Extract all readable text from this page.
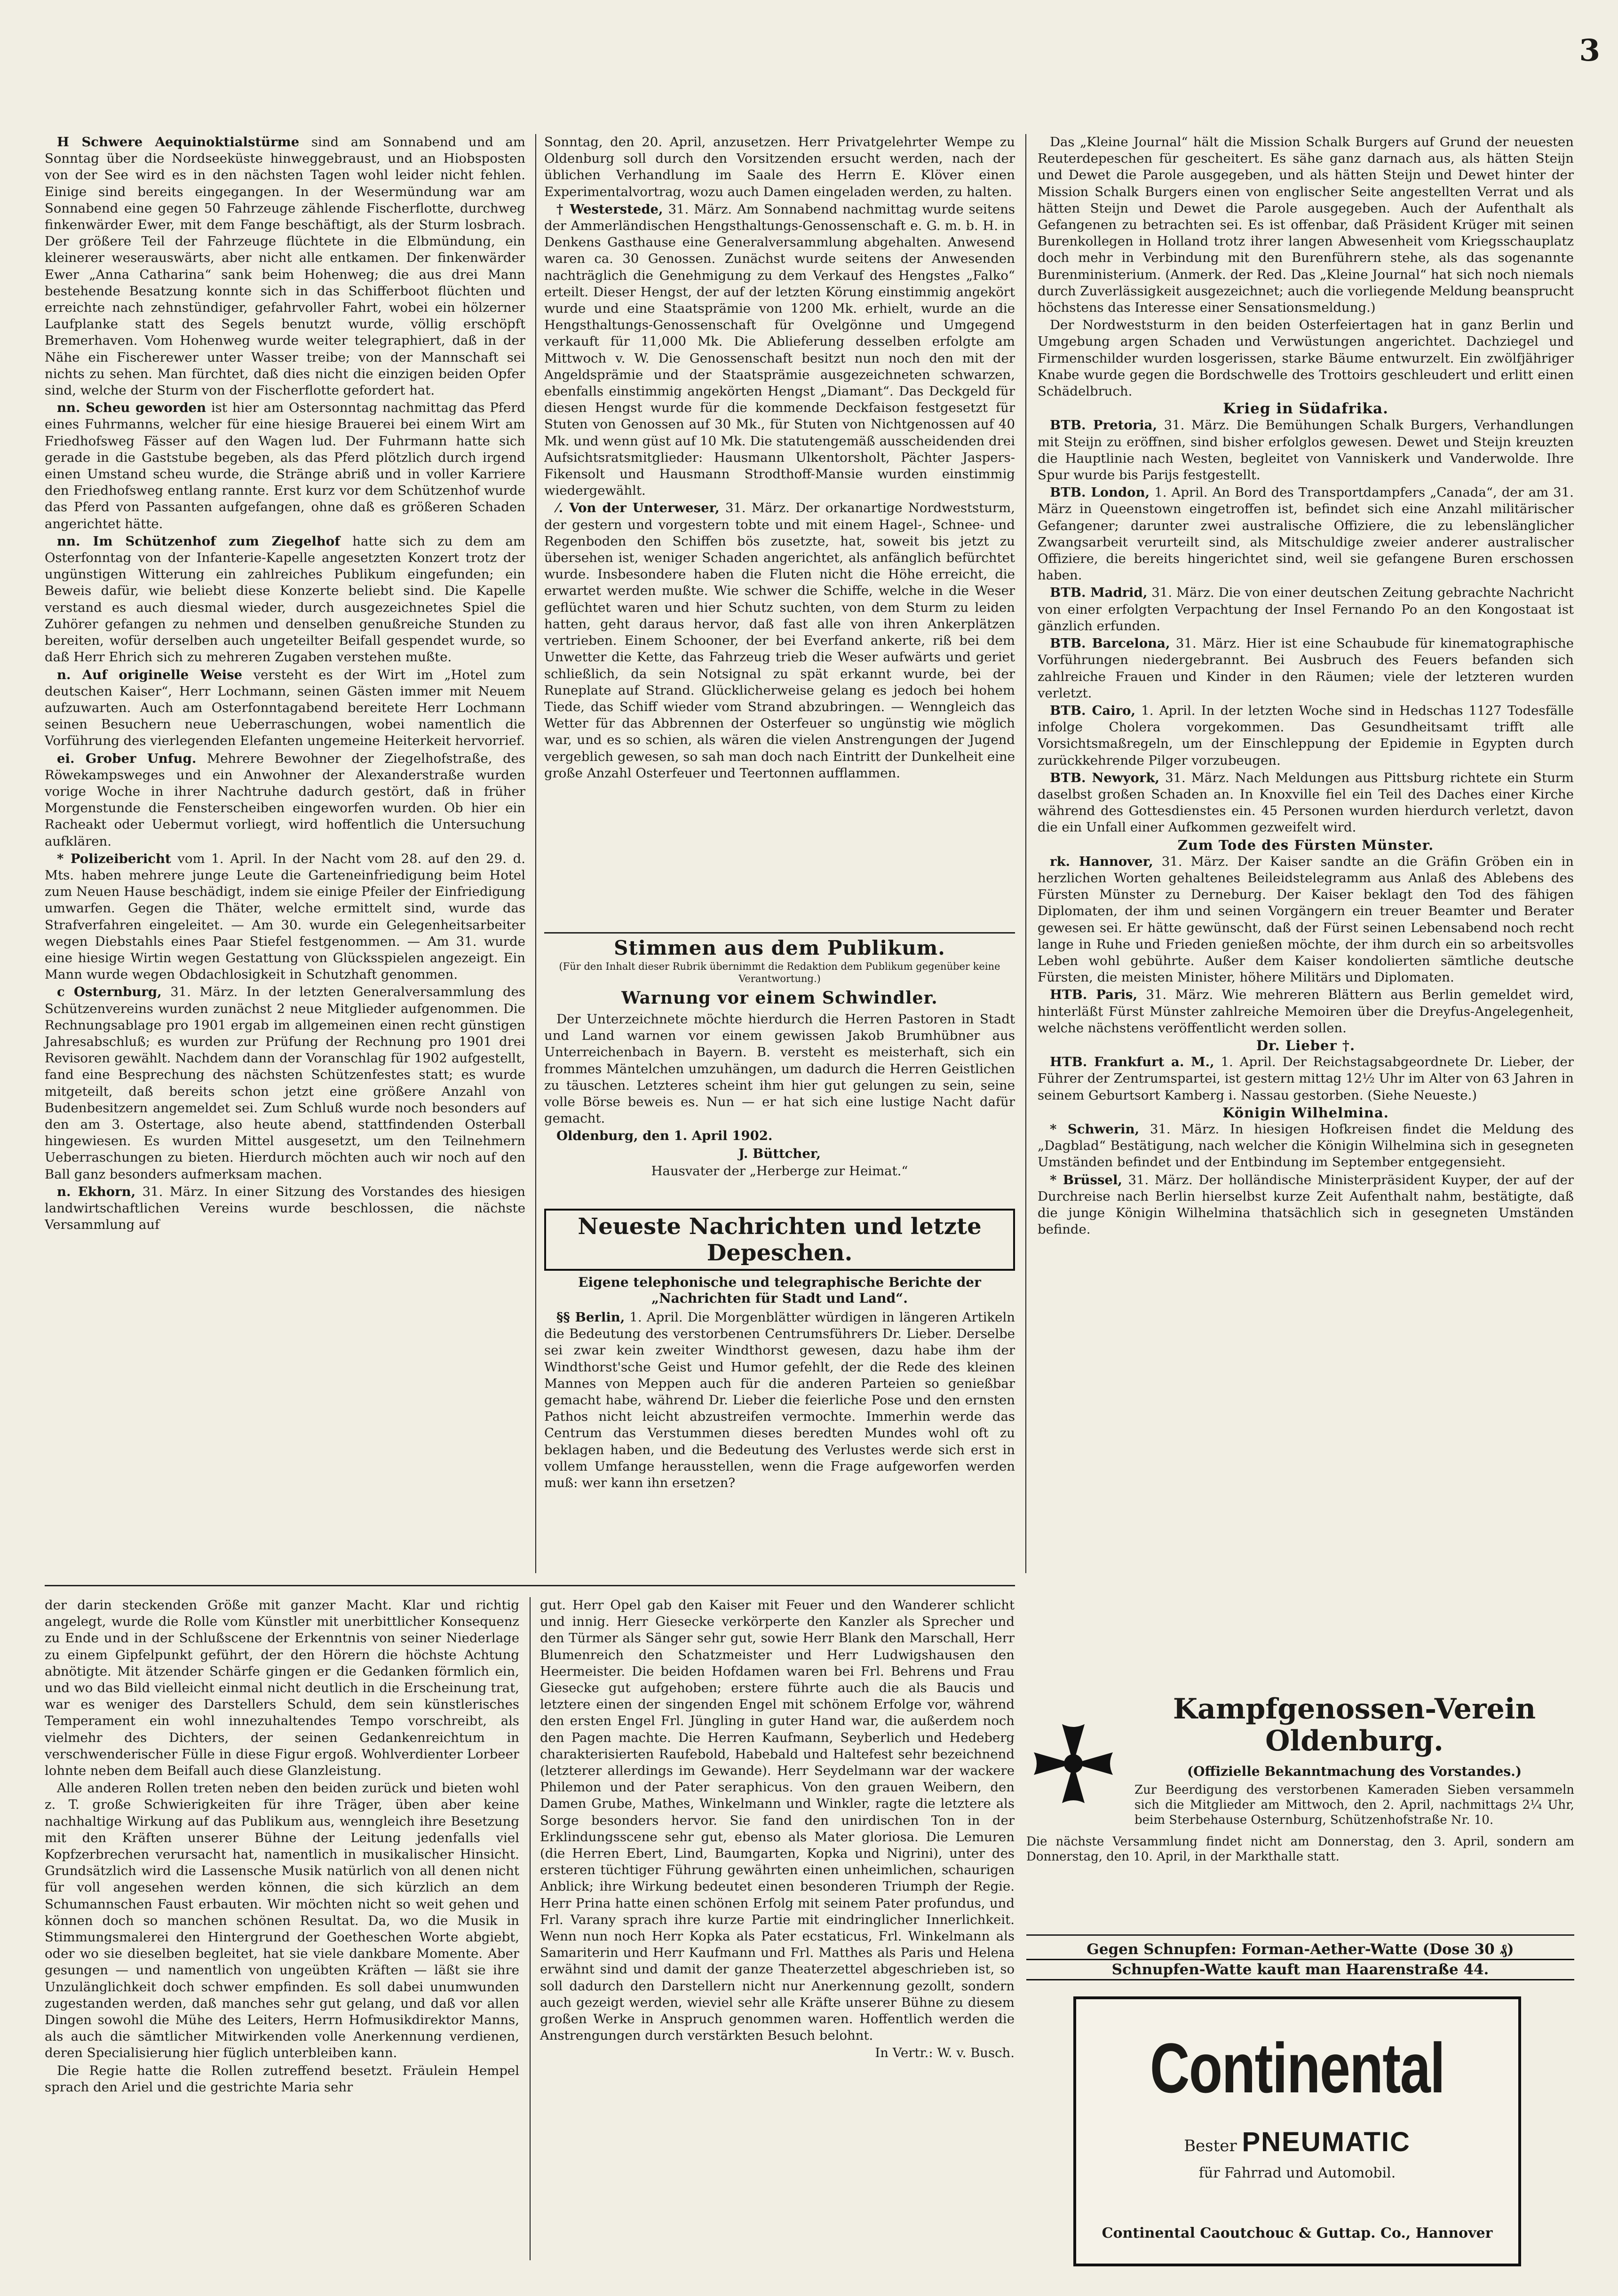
3

H Schwere Aequinoktialstürme sind am Sonnabend und am Sonntag über die Nordseeküste hinweggebraust, und an Hiobsposten von der See wird es in den nächsten Tagen wohl leider nicht fehlen. Einige sind bereits eingegangen. In der Wesermündung war am Sonnabend eine gegen 50 Fahrzeuge zählende Fischerflotte, durchweg finkenwärder Ewer, mit dem Fange beschäftigt, als der Sturm losbrach. Der größere Teil der Fahrzeuge flüchtete in die Elbmündung, ein kleinerer weserauswärts, aber nicht alle entkamen. Der finkenwärder Ewer „Anna Catharina“ sank beim Hohenweg; die aus drei Mann bestehende Besatzung konnte sich in das Schifferboot flüchten und erreichte nach zehnstündiger, gefahrvoller Fahrt, wobei ein hölzerner Laufplanke statt des Segels benutzt wurde, völlig erschöpft Bremerhaven. Vom Hohenweg wurde weiter telegraphiert, daß in der Nähe ein Fischerewer unter Wasser treibe; von der Mannschaft sei nichts zu sehen. Man fürchtet, daß dies nicht die einzigen beiden Opfer sind, welche der Sturm von der Fischerflotte gefordert hat.

nn. Scheu geworden ist hier am Ostersonntag nachmittag das Pferd eines Fuhrmanns, welcher für eine hiesige Brauerei bei einem Wirt am Friedhofsweg Fässer auf den Wagen lud. Der Fuhrmann hatte sich gerade in die Gaststube begeben, als das Pferd plötzlich durch irgend einen Umstand scheu wurde, die Stränge abriß und in voller Karriere den Friedhofsweg entlang rannte. Erst kurz vor dem Schützenhof wurde das Pferd von Passanten aufgefangen, ohne daß es größeren Schaden angerichtet hätte.

nn. Im Schützenhof zum Ziegelhof hatte sich zu dem am Osterfonntag von der Infanterie-Kapelle angesetzten Konzert trotz der ungünstigen Witterung ein zahlreiches Publikum eingefunden; ein Beweis dafür, wie beliebt diese Konzerte beliebt sind. Die Kapelle verstand es auch diesmal wieder, durch ausgezeichnetes Spiel die Zuhörer gefangen zu nehmen und denselben genußreiche Stunden zu bereiten, wofür derselben auch ungeteilter Beifall gespendet wurde, so daß Herr Ehrich sich zu mehreren Zugaben verstehen mußte.

n. Auf originelle Weise versteht es der Wirt im „Hotel zum deutschen Kaiser“, Herr Lochmann, seinen Gästen immer mit Neuem aufzuwarten. Auch am Osterfonntagabend bereitete Herr Lochmann seinen Besuchern neue Ueberraschungen, wobei namentlich die Vorführung des vierlegenden Elefanten ungemeine Heiterkeit hervorrief.

ei. Grober Unfug. Mehrere Bewohner der Ziegelhofstraße, des Röwekampsweges und ein Anwohner der Alexanderstraße wurden vorige Woche in ihrer Nachtruhe dadurch gestört, daß in früher Morgenstunde die Fensterscheiben eingeworfen wurden. Ob hier ein Racheakt oder Uebermut vorliegt, wird hoffentlich die Untersuchung aufklären.

* Polizeibericht vom 1. April. In der Nacht vom 28. auf den 29. d. Mts. haben mehrere junge Leute die Garteneinfriedigung beim Hotel zum Neuen Hause beschädigt, indem sie einige Pfeiler der Einfriedigung umwarfen. Gegen die Thäter, welche ermittelt sind, wurde das Strafverfahren eingeleitet. — Am 30. wurde ein Gelegenheitsarbeiter wegen Diebstahls eines Paar Stiefel festgenommen. — Am 31. wurde eine hiesige Wirtin wegen Gestattung von Glücksspielen angezeigt. Ein Mann wurde wegen Obdachlosigkeit in Schutzhaft genommen.

c Osternburg, 31. März. In der letzten Generalversammlung des Schützenvereins wurden zunächst 2 neue Mitglieder aufgenommen. Die Rechnungsablage pro 1901 ergab im allgemeinen einen recht günstigen Jahresabschluß; es wurden zur Prüfung der Rechnung pro 1901 drei Revisoren gewählt. Nachdem dann der Voranschlag für 1902 aufgestellt, fand eine Besprechung des nächsten Schützenfestes statt; es wurde mitgeteilt, daß bereits schon jetzt eine größere Anzahl von Budenbesitzern angemeldet sei. Zum Schluß wurde noch besonders auf den am 3. Ostertage, also heute abend, stattfindenden Osterball hingewiesen. Es wurden Mittel ausgesetzt, um den Teilnehmern Ueberraschungen zu bieten. Hierdurch möchten auch wir noch auf den Ball ganz besonders aufmerksam machen.

n. Ekhorn, 31. März. In einer Sitzung des Vorstandes des hiesigen landwirtschaftlichen Vereins wurde beschlossen, die nächste Versammlung auf

Sonntag, den 20. April, anzusetzen. Herr Privatgelehrter Wempe zu Oldenburg soll durch den Vorsitzenden ersucht werden, nach der üblichen Verhandlung im Saale des Herrn E. Klöver einen Experimentalvortrag, wozu auch Damen eingeladen werden, zu halten.

† Westerstede, 31. März. Am Sonnabend nachmittag wurde seitens der Ammerländischen Hengsthaltungs-Genossenschaft e. G. m. b. H. in Denkens Gasthause eine Generalversammlung abgehalten. Anwesend waren ca. 30 Genossen. Zunächst wurde seitens der Anwesenden nachträglich die Genehmigung zu dem Verkauf des Hengstes „Falko“ erteilt. Dieser Hengst, der auf der letzten Körung einstimmig angekört wurde und eine Staatsprämie von 1200 Mk. erhielt, wurde an die Hengsthaltungs-Genossenschaft für Ovelgönne und Umgegend verkauft für 11,000 Mk. Die Ablieferung desselben erfolgte am Mittwoch v. W. Die Genossenschaft besitzt nun noch den mit der Angeldsprämie und der Staatsprämie ausgezeichneten schwarzen, ebenfalls einstimmig angekörten Hengst „Diamant“. Das Deckgeld für diesen Hengst wurde für die kommende Deckfaison festgesetzt für Stuten von Genossen auf 30 Mk., für Stuten von Nichtgenossen auf 40 Mk. und wenn güst auf 10 Mk. Die statutengemäß ausscheidenden drei Aufsichtsratsmitglieder: Hausmann Ulkentorsholt, Pächter Jaspers-Fikensolt und Hausmann Strodthoff-Mansie wurden einstimmig wiedergewählt.

⁄. Von der Unterweser, 31. März. Der orkanartige Nordweststurm, der gestern und vorgestern tobte und mit einem Hagel-, Schnee- und Regenboden den Schiffen bös zusetzte, hat, soweit bis jetzt zu übersehen ist, weniger Schaden angerichtet, als anfänglich befürchtet wurde. Insbesondere haben die Fluten nicht die Höhe erreicht, die erwartet werden mußte. Wie schwer die Schiffe, welche in die Weser geflüchtet waren und hier Schutz suchten, von dem Sturm zu leiden hatten, geht daraus hervor, daß fast alle von ihren Ankerplätzen vertrieben. Einem Schooner, der bei Everfand ankerte, riß bei dem Unwetter die Kette, das Fahrzeug trieb die Weser aufwärts und geriet schließlich, da sein Notsignal zu spät erkannt wurde, bei der Runeplate auf Strand. Glücklicherweise gelang es jedoch bei hohem Tiede, das Schiff wieder vom Strand abzubringen. — Wenngleich das Wetter für das Abbrennen der Osterfeuer so ungünstig wie möglich war, und es so schien, als wären die vielen Anstrengungen der Jugend vergeblich gewesen, so sah man doch nach Eintritt der Dunkelheit eine große Anzahl Osterfeuer und Teertonnen aufflammen.

Stimmen aus dem Publikum.
(Für den Inhalt dieser Rubrik übernimmt die Redaktion dem Publikum gegenüber keine Verantwortung.)
Warnung vor einem Schwindler.

Der Unterzeichnete möchte hierdurch die Herren Pastoren in Stadt und Land warnen vor einem gewissen Jakob Brumhübner aus Unterreichenbach in Bayern. B. versteht es meisterhaft, sich ein frommes Mäntelchen umzuhängen, um dadurch die Herren Geistlichen zu täuschen. Letzteres scheint ihm hier gut gelungen zu sein, seine volle Börse beweis es. Nun — er hat sich eine lustige Nacht dafür gemacht.

Oldenburg, den 1. April 1902.

J. Büttcher,

Hausvater der „Herberge zur Heimat.“

Neueste Nachrichten und letzte Depeschen.
Eigene telephonische und telegraphische Berichte der „Nachrichten für Stadt und Land“.

§§ Berlin, 1. April. Die Morgenblätter würdigen in längeren Artikeln die Bedeutung des verstorbenen Centrumsführers Dr. Lieber. Derselbe sei zwar kein zweiter Windthorst gewesen, dazu habe ihm der Windthorst'sche Geist und Humor gefehlt, der die Rede des kleinen Mannes von Meppen auch für die anderen Parteien so genießbar gemacht habe, während Dr. Lieber die feierliche Pose und den ernsten Pathos nicht leicht abzustreifen vermochte. Immerhin werde das Centrum das Verstummen dieses beredten Mundes wohl oft zu beklagen haben, und die Bedeutung des Verlustes werde sich erst in vollem Umfange herausstellen, wenn die Frage aufgeworfen werden muß: wer kann ihn ersetzen?

Das „Kleine Journal“ hält die Mission Schalk Burgers auf Grund der neuesten Reuterdepeschen für gescheitert. Es sähe ganz darnach aus, als hätten Steijn und Dewet die Parole ausgegeben, und als hätten Steijn und Dewet hinter der Mission Schalk Burgers einen von englischer Seite angestellten Verrat und als hätten Steijn und Dewet die Parole ausgegeben. Auch der Aufenthalt als Gefangenen zu betrachten sei. Es ist offenbar, daß Präsident Krüger mit seinen Burenkollegen in Holland trotz ihrer langen Abwesenheit vom Kriegsschauplatz doch mehr in Verbindung mit den Burenführern stehe, als das sogenannte Burenministerium. (Anmerk. der Red. Das „Kleine Journal“ hat sich noch niemals durch Zuverlässigkeit ausgezeichnet; auch die vorliegende Meldung beansprucht höchstens das Interesse einer Sensationsmeldung.)

Der Nordweststurm in den beiden Osterfeiertagen hat in ganz Berlin und Umgebung argen Schaden und Verwüstungen angerichtet. Dachziegel und Firmenschilder wurden losgerissen, starke Bäume entwurzelt. Ein zwölfjähriger Knabe wurde gegen die Bordschwelle des Trottoirs geschleudert und erlitt einen Schädelbruch.

Krieg in Südafrika.

BTB. Pretoria, 31. März. Die Bemühungen Schalk Burgers, Verhandlungen mit Steijn zu eröffnen, sind bisher erfolglos gewesen. Dewet und Steijn kreuzten die Hauptlinie nach Westen, begleitet von Vanniskerk und Vanderwolde. Ihre Spur wurde bis Parijs festgestellt.

BTB. London, 1. April. An Bord des Transportdampfers „Canada“, der am 31. März in Queenstown eingetroffen ist, befindet sich eine Anzahl militärischer Gefangener; darunter zwei australische Offiziere, die zu lebenslänglicher Zwangsarbeit verurteilt sind, als Mitschuldige zweier anderer australischer Offiziere, die bereits hingerichtet sind, weil sie gefangene Buren erschossen haben.

BTB. Madrid, 31. März. Die von einer deutschen Zeitung gebrachte Nachricht von einer erfolgten Verpachtung der Insel Fernando Po an den Kongostaat ist gänzlich erfunden.

BTB. Barcelona, 31. März. Hier ist eine Schaubude für kinematographische Vorführungen niedergebrannt. Bei Ausbruch des Feuers befanden sich zahlreiche Frauen und Kinder in den Räumen; viele der letzteren wurden verletzt.

BTB. Cairo, 1. April. In der letzten Woche sind in Hedschas 1127 Todesfälle infolge Cholera vorgekommen. Das Gesundheitsamt trifft alle Vorsichtsmaßregeln, um der Einschleppung der Epidemie in Egypten durch zurückkehrende Pilger vorzubeugen.

BTB. Newyork, 31. März. Nach Meldungen aus Pittsburg richtete ein Sturm daselbst großen Schaden an. In Knoxville fiel ein Teil des Daches einer Kirche während des Gottesdienstes ein. 45 Personen wurden hierdurch verletzt, davon die ein Unfall einer Aufkommen gezweifelt wird.

Zum Tode des Fürsten Münster.

rk. Hannover, 31. März. Der Kaiser sandte an die Gräfin Gröben ein in herzlichen Worten gehaltenes Beileidstelegramm aus Anlaß des Ablebens des Fürsten Münster zu Derneburg. Der Kaiser beklagt den Tod des fähigen Diplomaten, der ihm und seinen Vorgängern ein treuer Beamter und Berater gewesen sei. Er hätte gewünscht, daß der Fürst seinen Lebensabend noch recht lange in Ruhe und Frieden genießen möchte, der ihm durch ein so arbeitsvolles Leben wohl gebührte. Außer dem Kaiser kondolierten sämtliche deutsche Fürsten, die meisten Minister, höhere Militärs und Diplomaten.

HTB. Paris, 31. März. Wie mehreren Blättern aus Berlin gemeldet wird, hinterläßt Fürst Münster zahlreiche Memoiren über die Dreyfus-Angelegenheit, welche nächstens veröffentlicht werden sollen.

Dr. Lieber †.

HTB. Frankfurt a. M., 1. April. Der Reichstagsabgeordnete Dr. Lieber, der Führer der Zentrumspartei, ist gestern mittag 12½ Uhr im Alter von 63 Jahren in seinem Geburtsort Kamberg i. Nassau gestorben. (Siehe Neueste.)

Königin Wilhelmina.

* Schwerin, 31. März. In hiesigen Hofkreisen findet die Meldung des „Dagblad“ Bestätigung, nach welcher die Königin Wilhelmina sich in gesegneten Umständen befindet und der Entbindung im September entgegensieht.

* Brüssel, 31. März. Der holländische Ministerpräsident Kuyper, der auf der Durchreise nach Berlin hierselbst kurze Zeit Aufenthalt nahm, bestätigte, daß die junge Königin Wilhelmina thatsächlich sich in gesegneten Umständen befinde.

der darin steckenden Größe mit ganzer Macht. Klar und richtig angelegt, wurde die Rolle vom Künstler mit unerbittlicher Konsequenz zu Ende und in der Schlußscene der Erkenntnis von seiner Niederlage zu einem Gipfelpunkt geführt, der den Hörern die höchste Achtung abnötigte. Mit ätzender Schärfe gingen er die Gedanken förmlich ein, und wo das Bild vielleicht einmal nicht deutlich in die Erscheinung trat, war es weniger des Darstellers Schuld, dem sein künstlerisches Temperament ein wohl innezuhaltendes Tempo vorschreibt, als vielmehr des Dichters, der seinen Gedankenreichtum in verschwenderischer Fülle in diese Figur ergoß. Wohlverdienter Lorbeer lohnte neben dem Beifall auch diese Glanzleistung.

Alle anderen Rollen treten neben den beiden zurück und bieten wohl z. T. große Schwierigkeiten für ihre Träger, üben aber keine nachhaltige Wirkung auf das Publikum aus, wenngleich ihre Besetzung mit den Kräften unserer Bühne der Leitung jedenfalls viel Kopfzerbrechen verursacht hat, namentlich in musikalischer Hinsicht. Grundsätzlich wird die Lassensche Musik natürlich von all denen nicht für voll angesehen werden können, die sich kürzlich an dem Schumannschen Faust erbauten. Wir möchten nicht so weit gehen und können doch so manchen schönen Resultat. Da, wo die Musik in Stimmungsmalerei den Hintergrund der Goetheschen Worte abgiebt, oder wo sie dieselben begleitet, hat sie viele dankbare Momente. Aber gesungen — und namentlich von ungeübten Kräften — läßt sie ihre Unzulänglichkeit doch schwer empfinden. Es soll dabei unumwunden zugestanden werden, daß manches sehr gut gelang, und daß vor allen Dingen sowohl die Mühe des Leiters, Herrn Hofmusikdirektor Manns, als auch die sämtlicher Mitwirkenden volle Anerkennung verdienen, deren Specialisierung hier füglich unterbleiben kann.

Die Regie hatte die Rollen zutreffend besetzt. Fräulein Hempel sprach den Ariel und die gestrichte Maria sehr

gut. Herr Opel gab den Kaiser mit Feuer und den Wanderer schlicht und innig. Herr Giesecke verkörperte den Kanzler als Sprecher und den Türmer als Sänger sehr gut, sowie Herr Blank den Marschall, Herr Blumenreich den Schatzmeister und Herr Ludwigshausen den Heermeister. Die beiden Hofdamen waren bei Frl. Behrens und Frau Giesecke gut aufgehoben; erstere führte auch die als Baucis und letztere einen der singenden Engel mit schönem Erfolge vor, während den ersten Engel Frl. Jüngling in guter Hand war, die außerdem noch den Pagen machte. Die Herren Kaufmann, Seyberlich und Hedeberg charakterisierten Raufebold, Habebald und Haltefest sehr bezeichnend (letzterer allerdings im Gewande). Herr Seydelmann war der wackere Philemon und der Pater seraphicus. Von den grauen Weibern, den Damen Grube, Mathes, Winkelmann und Winkler, ragte die letztere als Sorge besonders hervor. Sie fand den unirdischen Ton in der Erklindungsscene sehr gut, ebenso als Mater gloriosa. Die Lemuren (die Herren Ebert, Lind, Baumgarten, Kopka und Nigrini), unter des ersteren tüchtiger Führung gewährten einen unheimlichen, schaurigen Anblick; ihre Wirkung bedeutet einen besonderen Triumph der Regie. Herr Prina hatte einen schönen Erfolg mit seinem Pater profundus, und Frl. Varany sprach ihre kurze Partie mit eindringlicher Innerlichkeit. Wenn nun noch Herr Kopka als Pater ecstaticus, Frl. Winkelmann als Samariterin und Herr Kaufmann und Frl. Matthes als Paris und Helena erwähnt sind und damit der ganze Theaterzettel abgeschrieben ist, so soll dadurch den Darstellern nicht nur Anerkennung gezollt, sondern auch gezeigt werden, wieviel sehr alle Kräfte unserer Bühne zu diesem großen Werke in Anspruch genommen waren. Hoffentlich werden die Anstrengungen durch verstärkten Besuch belohnt.

In Vertr.: W. v. Busch.

Kampfgenossen-Verein
Oldenburg.
(Offizielle Bekanntmachung des Vorstandes.)
Zur Beerdigung des verstorbenen Kameraden Sieben versammeln sich die Mitglieder am Mittwoch, den 2. April, nachmittags 2¼ Uhr, beim Sterbehause Osternburg, Schützenhofstraße Nr. 10.
Die nächste Versammlung findet nicht am Donnerstag, den 3. April, sondern am Donnerstag, den 10. April, in der Markthalle statt.
Gegen Schnupfen: Forman-Aether-Watte (Dose 30 ₰)
Schnupfen-Watte kauft man Haarenstraße 44.
Continental
Bester PNEUMATIC
für Fahrrad und Automobil.
Continental Caoutchouc & Guttap. Co., Hannover
